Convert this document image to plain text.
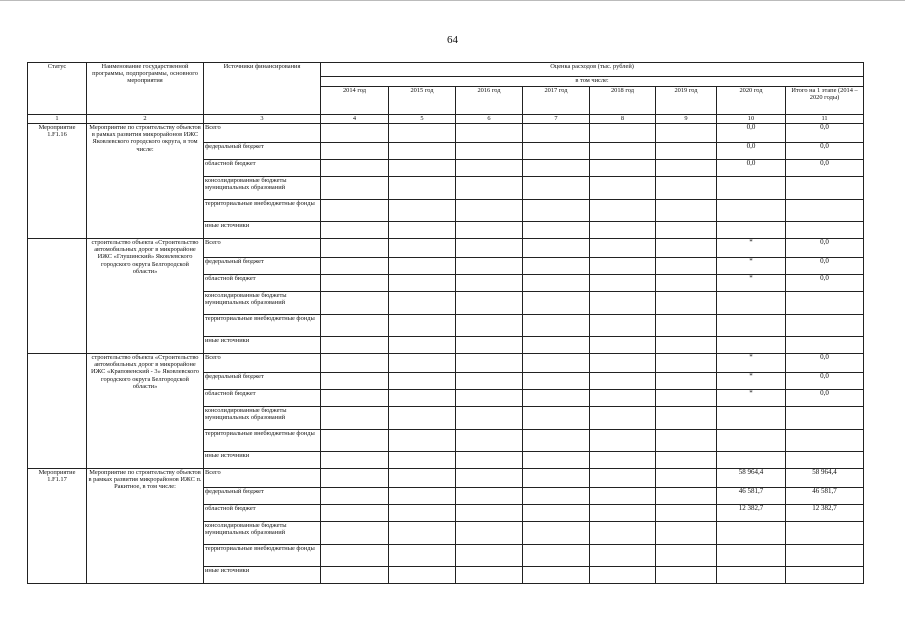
64
Статус	Наименование государственной программы, подпрограммы, основного мероприятия	Источники финансирования	Оценка расходов (тыс. рублей)							
			в том числе:							
			2014 год	2015 год	2016 год	2017 год	2018 год	2019 год	2020 год	Итого на 1 этапе (2014 – 2020 годы)
1	2	3	4	5	6	7	8	9	10	11
Мероприятие 1.F1.16	Мероприятие по строительству объектов в рамках развития микрорайонов ИЖС Яковлевского городского округа, в том числе:	Всего							0,0	0,0
		федеральный бюджет							0,0	0,0
		областной бюджет							0,0	0,0
		консолидированные бюджеты муниципальных образований								
		территориальные внебюджетные фонды								
		иные источники								
	строительство объекта «Строительство автомобильных дорог в микрорайоне ИЖС «Глушинский» Яковлевского городского округа Белгородской области»	Всего							*	0,0
		федеральный бюджет							*	0,0
		областной бюджет							*	0,0
		консолидированные бюджеты муниципальных образований								
		территориальные внебюджетные фонды								
		иные источники								
	строительство объекта «Строительство автомобильных дорог в микрорайоне ИЖС «Краповенский - 3» Яковлевского городского округа Белгородской области»	Всего							*	0,0
		федеральный бюджет							*	0,0
		областной бюджет							*	0,0
		консолидированные бюджеты муниципальных образований								
		территориальные внебюджетные фонды								
		иные источники								
Мероприятие 1.F1.17	Мероприятие по строительству объектов в рамках развития микрорайонов ИЖС п. Ракитное, в том числе:	Всего							58 964,4	58 964,4
		федеральный бюджет							46 581,7	46 581,7
		областной бюджет							12 382,7	12 382,7
		консолидированные бюджеты муниципальных образований								
		территориальные внебюджетные фонды								
		иные источники								
